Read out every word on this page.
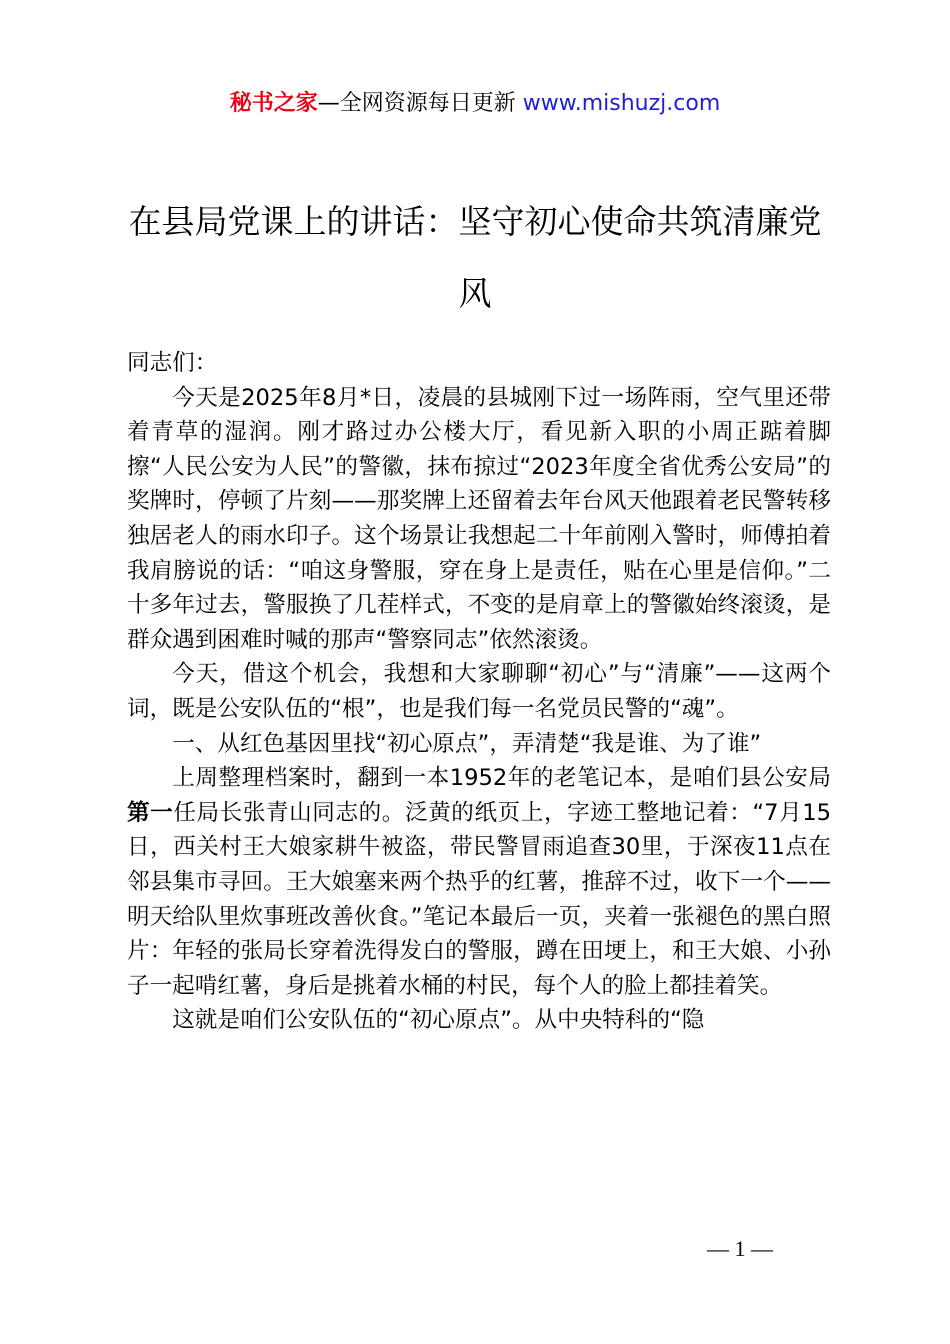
秘书之家—全网资源每日更新 www.mishuzj.com
在县局党课上的讲话：坚守初心使命共筑清廉党风

同志们：

今天是2025年8月*日，凌晨的县城刚下过一场阵雨，空气里还带着青草的湿润。刚才路过办公楼大厅，看见新入职的小周正踮着脚擦“人民公安为人民”的警徽，抹布掠过“2023年度全省优秀公安局”的奖牌时，停顿了片刻——那奖牌上还留着去年台风天他跟着老民警转移独居老人的雨水印子。这个场景让我想起二十年前刚入警时，师傅拍着我肩膀说的话：“咱这身警服，穿在身上是责任，贴在心里是信仰。”二十多年过去，警服换了几茬样式，不变的是肩章上的警徽始终滚烫，是群众遇到困难时喊的那声“警察同志”依然滚烫。

今天，借这个机会，我想和大家聊聊“初心”与“清廉”——这两个词，既是公安队伍的“根”，也是我们每一名党员民警的“魂”。

一、从红色基因里找“初心原点”，弄清楚“我是谁、为了谁”

上周整理档案时，翻到一本1952年的老笔记本，是咱们县公安局第一任局长张青山同志的。泛黄的纸页上，字迹工整地记着：“7月15日，西关村王大娘家耕牛被盗，带民警冒雨追查30里，于深夜11点在邻县集市寻回。王大娘塞来两个热乎的红薯，推辞不过，收下一个——明天给队里炊事班改善伙食。”笔记本最后一页，夹着一张褪色的黑白照片：年轻的张局长穿着洗得发白的警服，蹲在田埂上，和王大娘、小孙子一起啃红薯，身后是挑着水桶的村民，每个人的脸上都挂着笑。

这就是咱们公安队伍的“初心原点”。从中央特科的“隐

— 1 —
